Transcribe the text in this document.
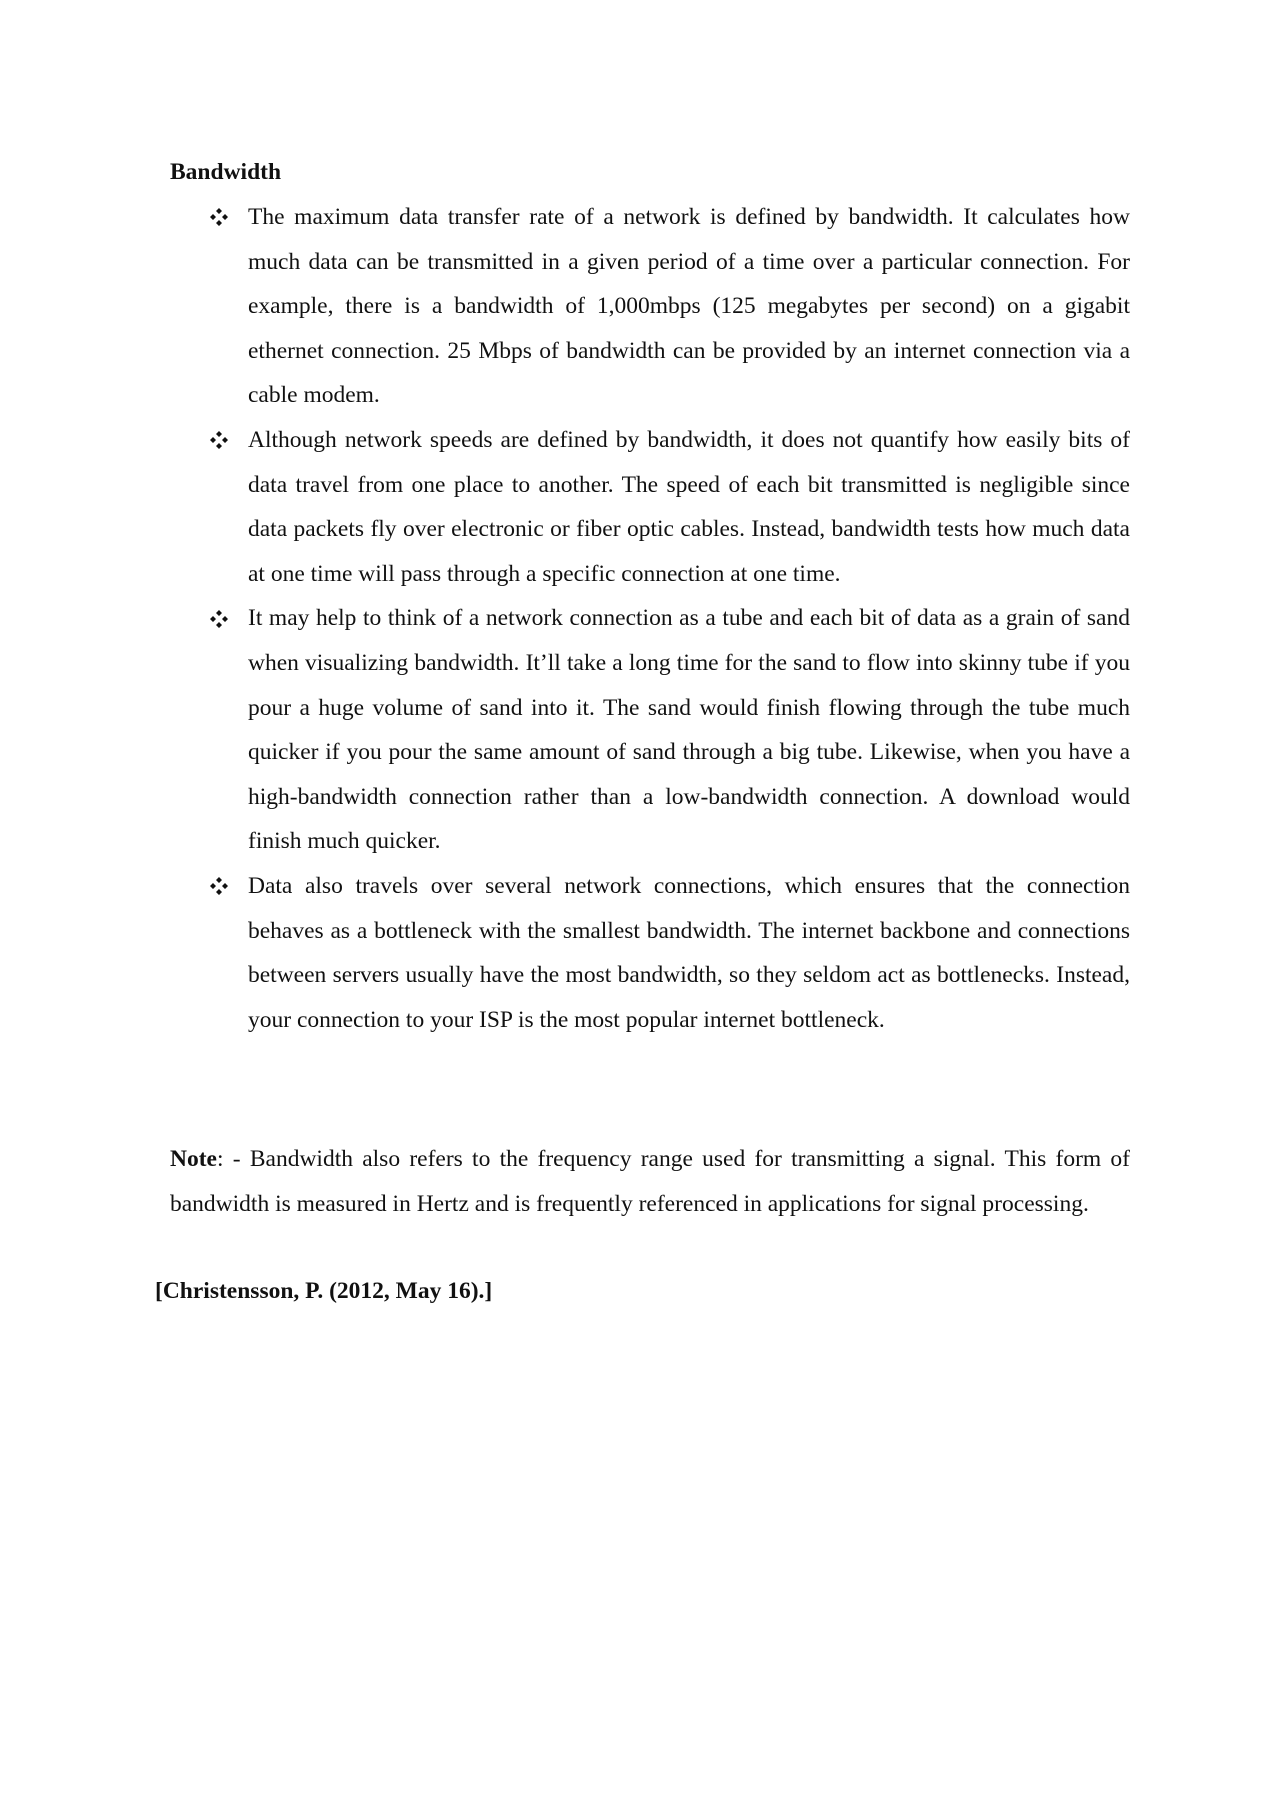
Bandwidth
The maximum data transfer rate of a network is defined by bandwidth. It calculates how much data can be transmitted in a given period of a time over a particular connection. For example, there is a bandwidth of 1,000mbps (125 megabytes per second) on a gigabit ethernet connection. 25 Mbps of bandwidth can be provided by an internet connection via a cable modem.
Although network speeds are defined by bandwidth, it does not quantify how easily bits of data travel from one place to another. The speed of each bit transmitted is negligible since data packets fly over electronic or fiber optic cables. Instead, bandwidth tests how much data at one time will pass through a specific connection at one time.
It may help to think of a network connection as a tube and each bit of data as a grain of sand when visualizing bandwidth. It’ll take a long time for the sand to flow into skinny tube if you pour a huge volume of sand into it. The sand would finish flowing through the tube much quicker if you pour the same amount of sand through a big tube. Likewise, when you have a high-bandwidth connection rather than a low-bandwidth connection. A download would finish much quicker.
Data also travels over several network connections, which ensures that the connection behaves as a bottleneck with the smallest bandwidth. The internet backbone and connections between servers usually have the most bandwidth, so they seldom act as bottlenecks. Instead, your connection to your ISP is the most popular internet bottleneck.

Note: - Bandwidth also refers to the frequency range used for transmitting a signal. This form of bandwidth is measured in Hertz and is frequently referenced in applications for signal processing.

[Christensson, P. (2012, May 16).]
